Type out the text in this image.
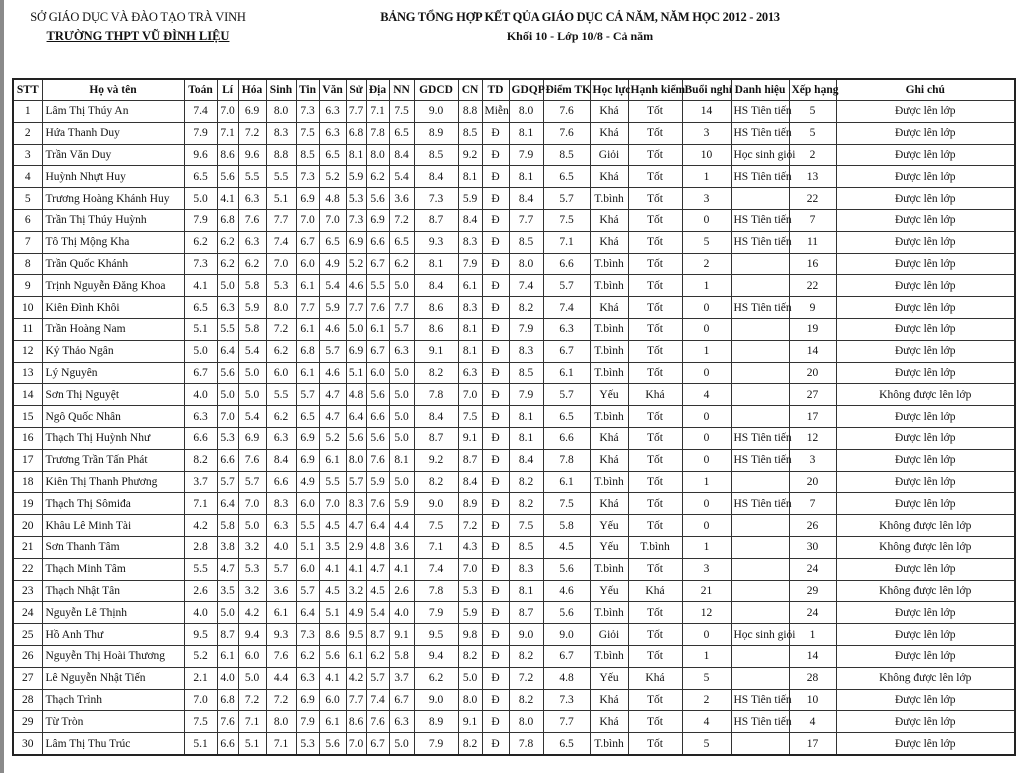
SỞ GIÁO DỤC VÀ ĐÀO TẠO TRÀ VINH
TRƯỜNG THPT VŨ ĐÌNH LIỆU
BẢNG TỔNG HỢP KẾT QỦA GIÁO DỤC CẢ NĂM, NĂM HỌC 2012 - 2013
Khối 10 - Lớp 10/8 - Cả năm
STT	Họ và tên	Toán	Lí	Hóa	Sinh	Tin	Văn	Sử	Địa	NN	GDCD	CN	TD	GDQP	Điểm TK	Học lực	Hạnh kiểm	Buổi nghỉ	Danh hiệu	Xếp hạng	Ghi chú
1	Lâm Thị Thúy An	7.4	7.0	6.9	8.0	7.3	6.3	7.7	7.1	7.5	9.0	8.8	Miễn	8.0	7.6	Khá	Tốt	14	HS Tiên tiến	5	Được lên lớp
2	Hứa Thanh Duy	7.9	7.1	7.2	8.3	7.5	6.3	6.8	7.8	6.5	8.9	8.5	Đ	8.1	7.6	Khá	Tốt	3	HS Tiên tiến	5	Được lên lớp
3	Trần Văn Duy	9.6	8.6	9.6	8.8	8.5	6.5	8.1	8.0	8.4	8.5	9.2	Đ	7.9	8.5	Giỏi	Tốt	10	Học sinh giỏi	2	Được lên lớp
4	Huỳnh Nhựt Huy	6.5	5.6	5.5	5.5	7.3	5.2	5.9	6.2	5.4	8.4	8.1	Đ	8.1	6.5	Khá	Tốt	1	HS Tiên tiến	13	Được lên lớp
5	Trương Hoàng Khánh Huy	5.0	4.1	6.3	5.1	6.9	4.8	5.3	5.6	3.6	7.3	5.9	Đ	8.4	5.7	T.bình	Tốt	3		22	Được lên lớp
6	Trần Thị Thúy Huỳnh	7.9	6.8	7.6	7.7	7.0	7.0	7.3	6.9	7.2	8.7	8.4	Đ	7.7	7.5	Khá	Tốt	0	HS Tiên tiến	7	Được lên lớp
7	Tô Thị Mộng Kha	6.2	6.2	6.3	7.4	6.7	6.5	6.9	6.6	6.5	9.3	8.3	Đ	8.5	7.1	Khá	Tốt	5	HS Tiên tiến	11	Được lên lớp
8	Trần Quốc Khánh	7.3	6.2	6.2	7.0	6.0	4.9	5.2	6.7	6.2	8.1	7.9	Đ	8.0	6.6	T.bình	Tốt	2		16	Được lên lớp
9	Trịnh Nguyễn Đăng Khoa	4.1	5.0	5.8	5.3	6.1	5.4	4.6	5.5	5.0	8.4	6.1	Đ	7.4	5.7	T.bình	Tốt	1		22	Được lên lớp
10	Kiên Đình Khôi	6.5	6.3	5.9	8.0	7.7	5.9	7.7	7.6	7.7	8.6	8.3	Đ	8.2	7.4	Khá	Tốt	0	HS Tiên tiến	9	Được lên lớp
11	Trần Hoàng Nam	5.1	5.5	5.8	7.2	6.1	4.6	5.0	6.1	5.7	8.6	8.1	Đ	7.9	6.3	T.bình	Tốt	0		19	Được lên lớp
12	Kỷ Thảo Ngân	5.0	6.4	5.4	6.2	6.8	5.7	6.9	6.7	6.3	9.1	8.1	Đ	8.3	6.7	T.bình	Tốt	1		14	Được lên lớp
13	Lý Nguyên	6.7	5.6	5.0	6.0	6.1	4.6	5.1	6.0	5.0	8.2	6.3	Đ	8.5	6.1	T.bình	Tốt	0		20	Được lên lớp
14	Sơn Thị Nguyệt	4.0	5.0	5.0	5.5	5.7	4.7	4.8	5.6	5.0	7.8	7.0	Đ	7.9	5.7	Yếu	Khá	4		27	Không được lên lớp
15	Ngô Quốc Nhân	6.3	7.0	5.4	6.2	6.5	4.7	6.4	6.6	5.0	8.4	7.5	Đ	8.1	6.5	T.bình	Tốt	0		17	Được lên lớp
16	Thạch Thị Huỳnh Như	6.6	5.3	6.9	6.3	6.9	5.2	5.6	5.6	5.0	8.7	9.1	Đ	8.1	6.6	Khá	Tốt	0	HS Tiên tiến	12	Được lên lớp
17	Trương Trần Tấn Phát	8.2	6.6	7.6	8.4	6.9	6.1	8.0	7.6	8.1	9.2	8.7	Đ	8.4	7.8	Khá	Tốt	0	HS Tiên tiến	3	Được lên lớp
18	Kiên Thị Thanh Phương	3.7	5.7	5.7	6.6	4.9	5.5	5.7	5.9	5.0	8.2	8.4	Đ	8.2	6.1	T.bình	Tốt	1		20	Được lên lớp
19	Thạch Thị Sômiđa	7.1	6.4	7.0	8.3	6.0	7.0	8.3	7.6	5.9	9.0	8.9	Đ	8.2	7.5	Khá	Tốt	0	HS Tiên tiến	7	Được lên lớp
20	Khâu Lê Minh Tài	4.2	5.8	5.0	6.3	5.5	4.5	4.7	6.4	4.4	7.5	7.2	Đ	7.5	5.8	Yếu	Tốt	0		26	Không được lên lớp
21	Sơn Thanh Tâm	2.8	3.8	3.2	4.0	5.1	3.5	2.9	4.8	3.6	7.1	4.3	Đ	8.5	4.5	Yếu	T.bình	1		30	Không được lên lớp
22	Thạch Minh Tâm	5.5	4.7	5.3	5.7	6.0	4.1	4.1	4.7	4.1	7.4	7.0	Đ	8.3	5.6	T.bình	Tốt	3		24	Được lên lớp
23	Thạch Nhật Tân	2.6	3.5	3.2	3.6	5.7	4.5	3.2	4.5	2.6	7.8	5.3	Đ	8.1	4.6	Yếu	Khá	21		29	Không được lên lớp
24	Nguyễn Lê Thịnh	4.0	5.0	4.2	6.1	6.4	5.1	4.9	5.4	4.0	7.9	5.9	Đ	8.7	5.6	T.bình	Tốt	12		24	Được lên lớp
25	Hồ Anh Thư	9.5	8.7	9.4	9.3	7.3	8.6	9.5	8.7	9.1	9.5	9.8	Đ	9.0	9.0	Giỏi	Tốt	0	Học sinh giỏi	1	Được lên lớp
26	Nguyễn Thị Hoài Thương	5.2	6.1	6.0	7.6	6.2	5.6	6.1	6.2	5.8	9.4	8.2	Đ	8.2	6.7	T.bình	Tốt	1		14	Được lên lớp
27	Lê Nguyễn Nhật Tiến	2.1	4.0	5.0	4.4	6.3	4.1	4.2	5.7	3.7	6.2	5.0	Đ	7.2	4.8	Yếu	Khá	5		28	Không được lên lớp
28	Thạch Trình	7.0	6.8	7.2	7.2	6.9	6.0	7.7	7.4	6.7	9.0	8.0	Đ	8.2	7.3	Khá	Tốt	2	HS Tiên tiến	10	Được lên lớp
29	Từ Tròn	7.5	7.6	7.1	8.0	7.9	6.1	8.6	7.6	6.3	8.9	9.1	Đ	8.0	7.7	Khá	Tốt	4	HS Tiên tiến	4	Được lên lớp
30	Lâm Thị Thu Trúc	5.1	6.6	5.1	7.1	5.3	5.6	7.0	6.7	5.0	7.9	8.2	Đ	7.8	6.5	T.bình	Tốt	5		17	Được lên lớp
